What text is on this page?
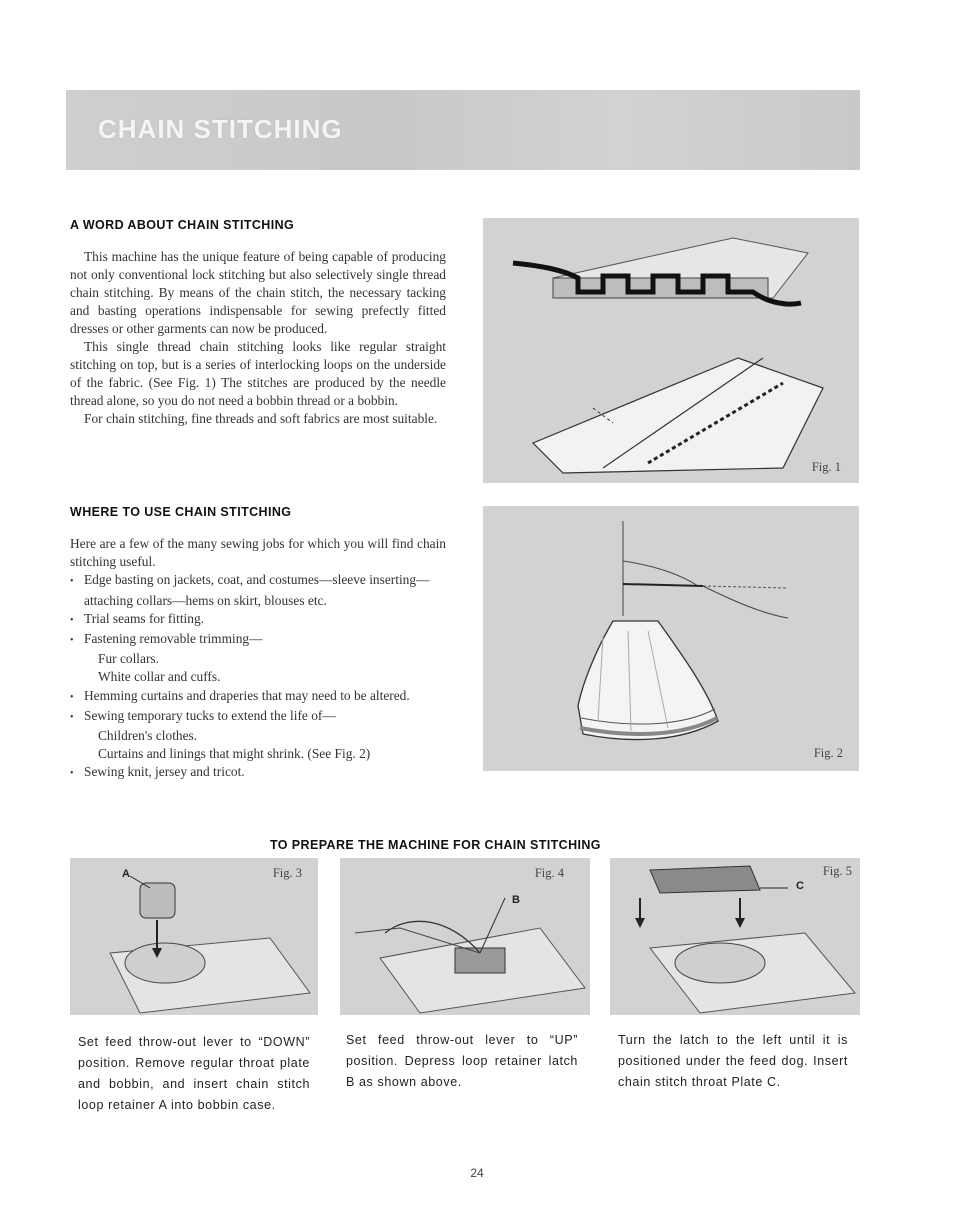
CHAIN STITCHING
A WORD ABOUT CHAIN STITCHING

This machine has the unique feature of being capable of producing not only conventional lock stitching but also selectively single thread chain stitching. By means of the chain stitch, the necessary tacking and basting operations indispensable for sewing prefectly fitted dresses or other garments can now be produced.

This single thread chain stitching looks like regular straight stitching on top, but is a series of interlocking loops on the underside of the fabric. (See Fig. 1) The stitches are produced by the needle thread alone, so you do not need a bobbin thread or a bobbin.

For chain stitching, fine threads and soft fabrics are most suitable.

WHERE TO USE CHAIN STITCHING

Here are a few of the many sewing jobs for which you will find chain stitching useful.

• Edge basting on jackets, coat, and costumes—sleeve inserting—attaching collars—hems on skirt, blouses etc.
• Trial seams for fitting.
• Fastening removable trimming—

Fur collars.

White collar and cuffs.

• Hemming curtains and draperies that may need to be altered.
• Sewing temporary tucks to extend the life of—

Children's clothes.

Curtains and linings that might shrink. (See Fig. 2)

• Sewing knit, jersey and tricot.
Fig. 1
Fig. 2
TO PREPARE THE MACHINE FOR CHAIN STITCHING
A	Fig. 3
B
Fig. 4
C
Fig. 5

Set feed throw-out lever to “DOWN” position. Remove regular throat plate and bobbin, and insert chain stitch loop retainer A into bobbin case.

Set feed throw-out lever to “UP” position. Depress loop retainer latch B as shown above.

Turn the latch to the left until it is positioned under the feed dog. Insert chain stitch throat Plate C.

24
